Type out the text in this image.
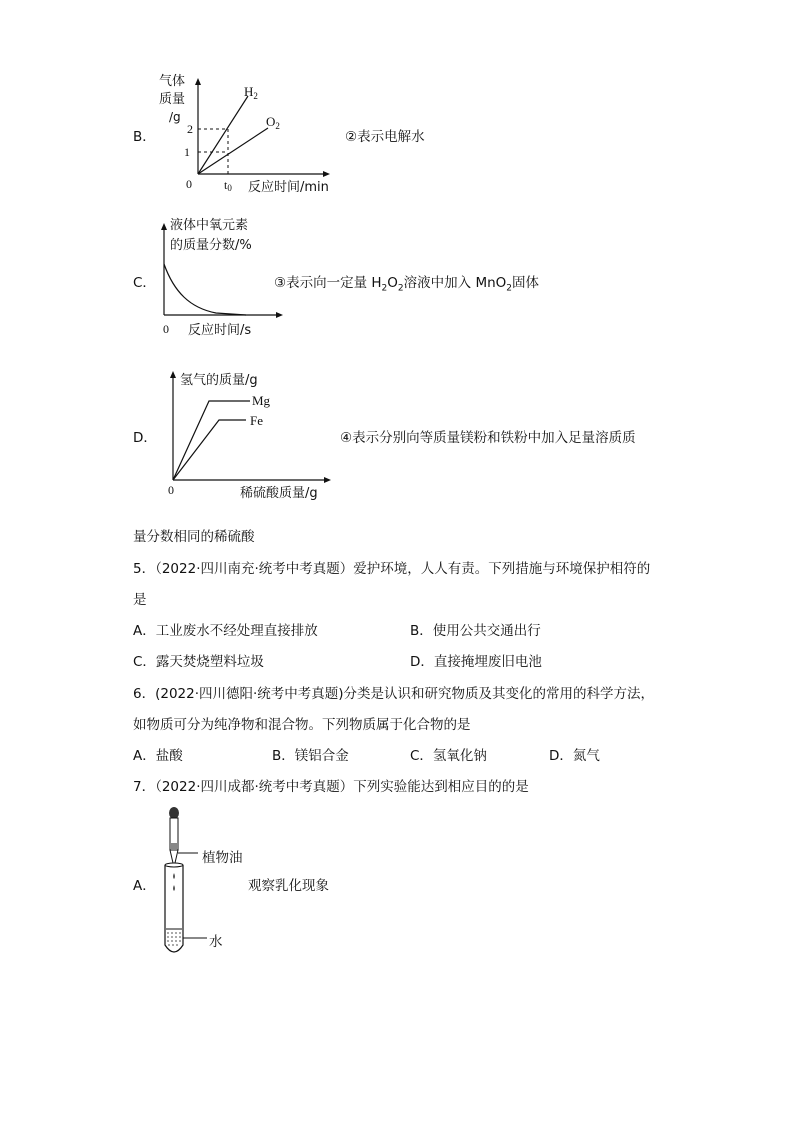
B．
气体
质量
/g
$H_2$
$O_2$
2
1
0	t0 反应时间/min
②表示电解水
C．
液体中氧元素
的质量分数/%
0 反应时间/s
③表示向一定量 $H_2O_2$溶液中加入 MnO$_2$固体
D．
氢气的质量/g
Mg
Fe
0	稀硫酸质量/g
④表示分别向等质量镁粉和铁粉中加入足量溶质质
量分数相同的稀硫酸
5．（2022·四川南充·统考中考真题）爱护环境，人人有责。下列措施与环境保护相符的
是
A．工业废水不经处理直接排放	B．使用公共交通出行
C．露天焚烧塑料垃圾	D．直接掩埋废旧电池
6．(2022·四川德阳·统考中考真题)分类是认识和研究物质及其变化的常用的科学方法，
如物质可分为纯净物和混合物。下列物质属于化合物的是
A．盐酸	B．镁铝合金	C．氢氧化钠	D．氮气
7．（2022·四川成都·统考中考真题）下列实验能达到相应目的的是
A．
植物油
水
观察乳化现象
